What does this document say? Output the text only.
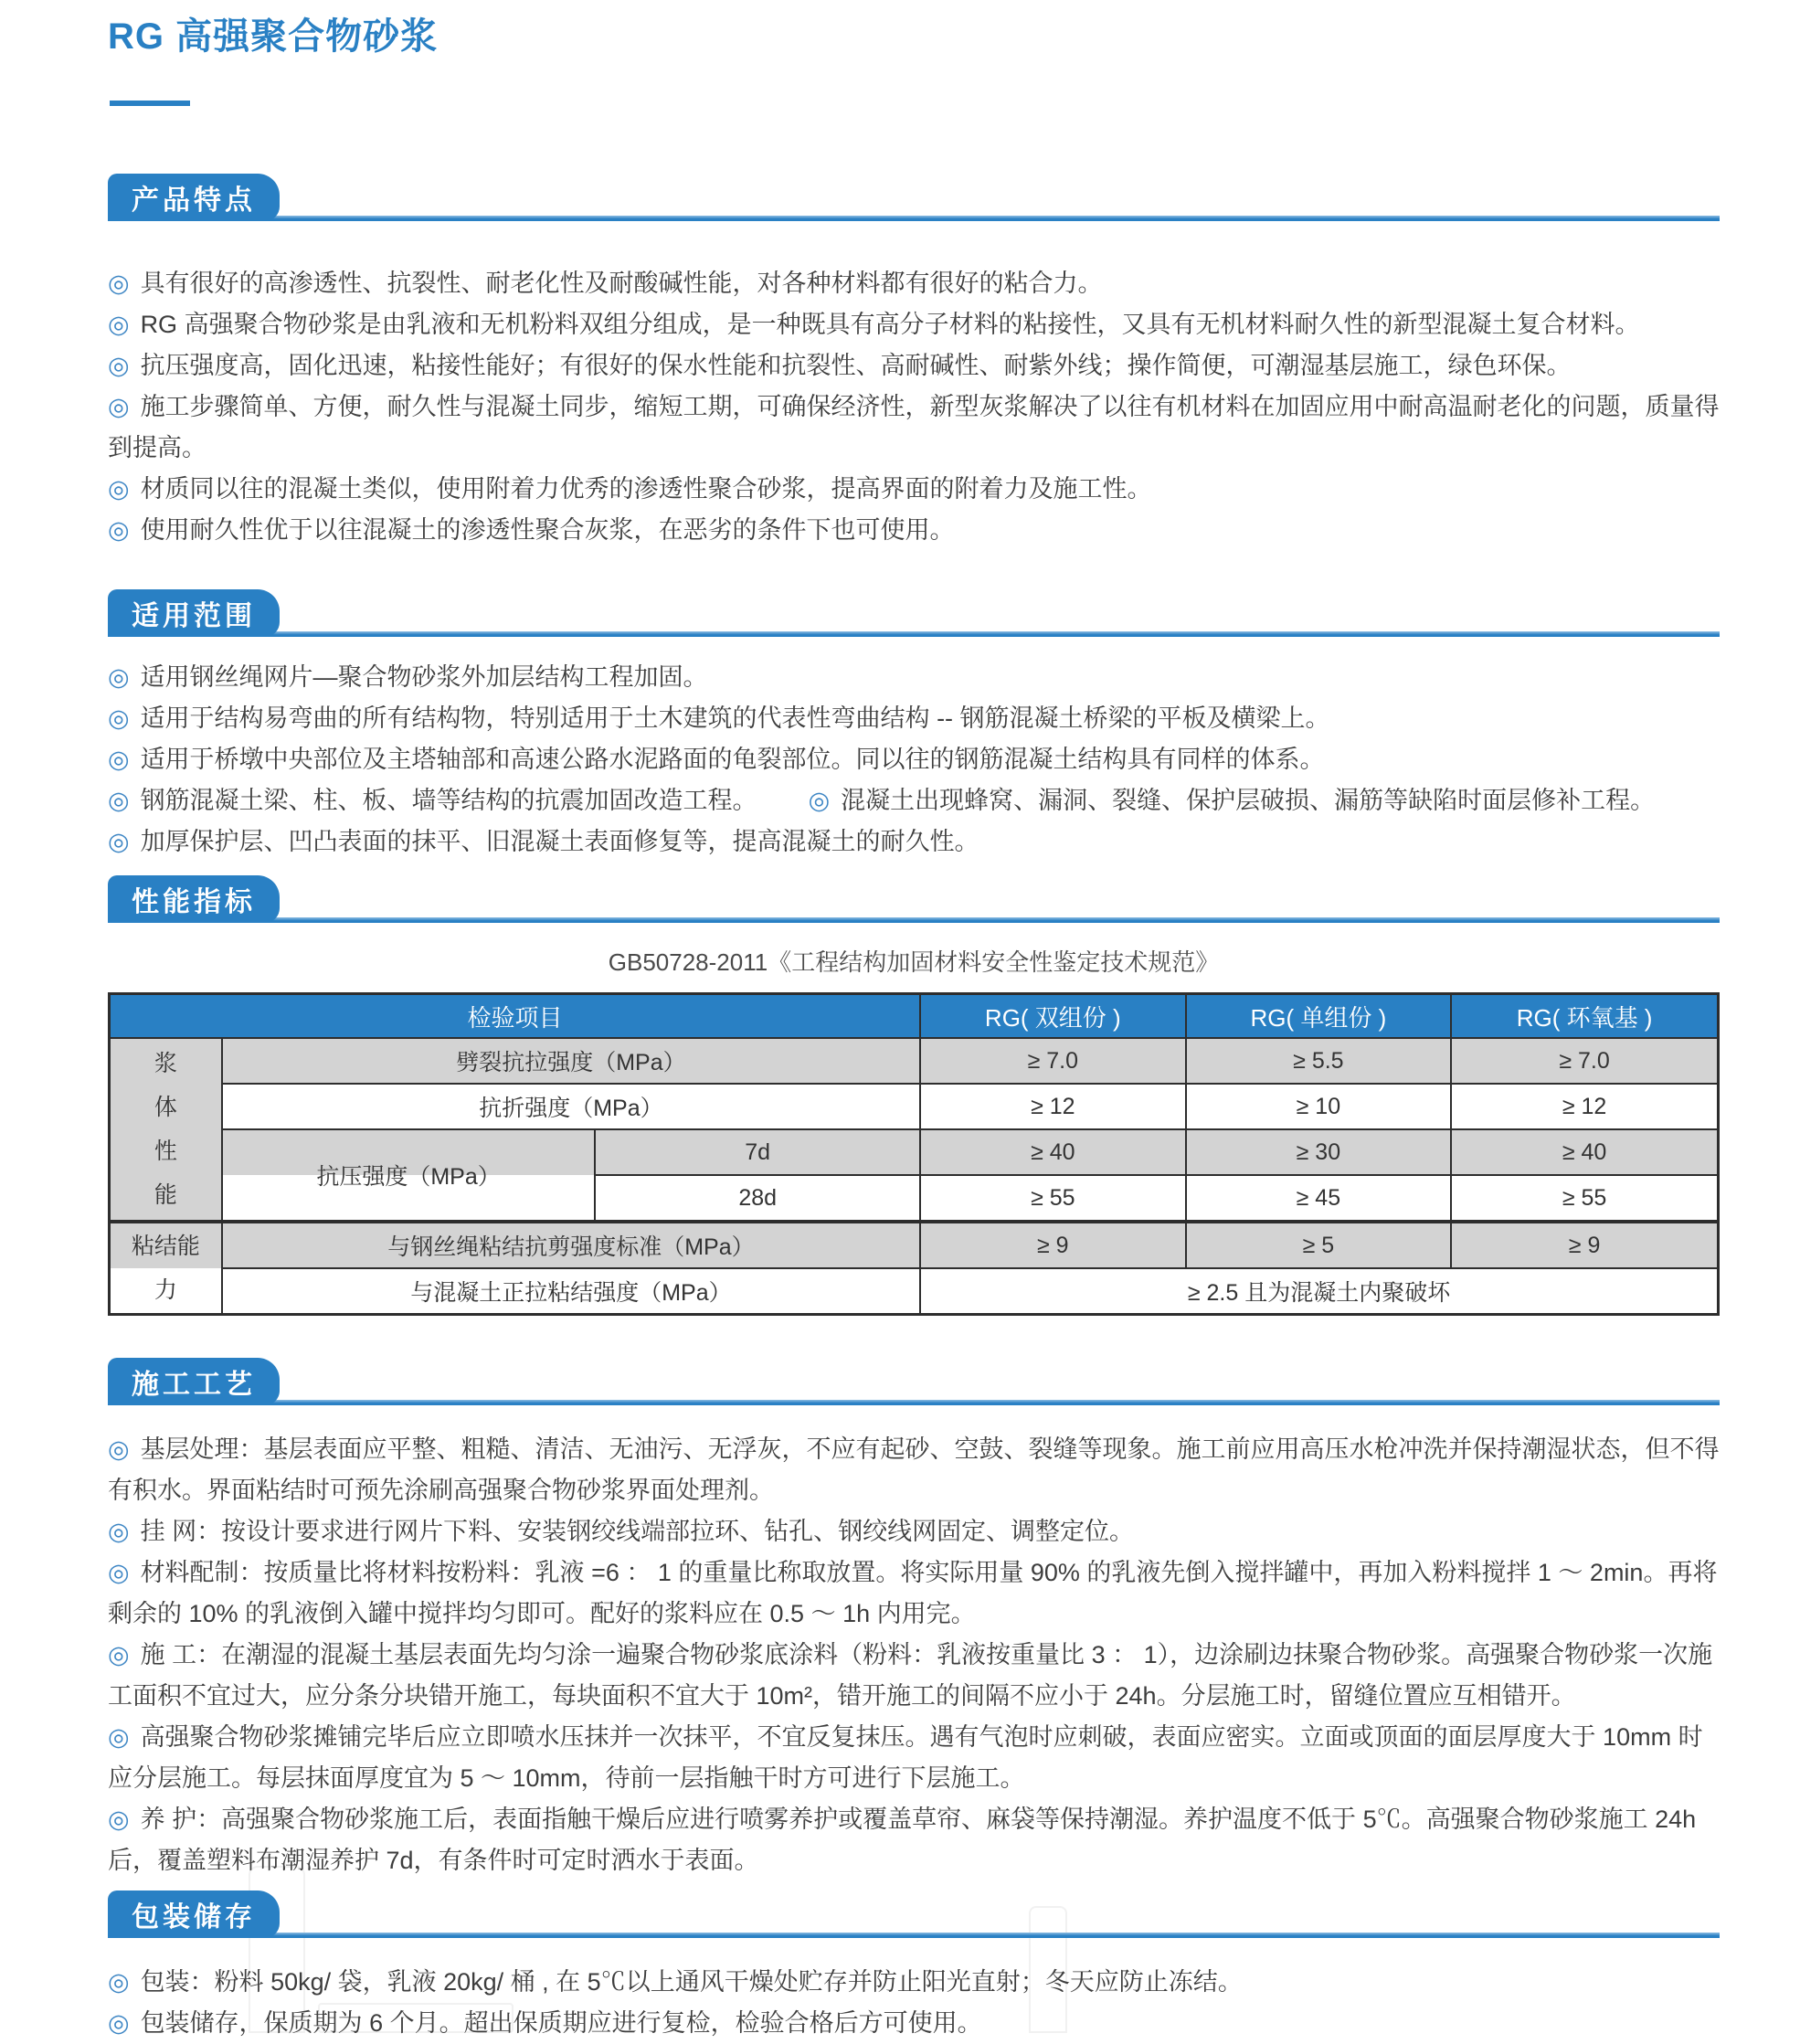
RG 高强聚合物砂浆
产品特点

◎ 具有很好的高渗透性、抗裂性、耐老化性及耐酸碱性能，对各种材料都有很好的粘合力。

◎ RG 高强聚合物砂浆是由乳液和无机粉料双组分组成，是一种既具有高分子材料的粘接性，又具有无机材料耐久性的新型混凝土复合材料。

◎ 抗压强度高，固化迅速，粘接性能好；有很好的保水性能和抗裂性、高耐碱性、耐紫外线；操作简便，可潮湿基层施工，绿色环保。

◎ 施工步骤简单、方便，耐久性与混凝土同步，缩短工期，可确保经济性，新型灰浆解决了以往有机材料在加固应用中耐高温耐老化的问题，质量得到提高。

◎ 材质同以往的混凝土类似，使用附着力优秀的渗透性聚合砂浆，提高界面的附着力及施工性。

◎ 使用耐久性优于以往混凝土的渗透性聚合灰浆，在恶劣的条件下也可使用。

适用范围

◎ 适用钢丝绳网片—聚合物砂浆外加层结构工程加固。

◎ 适用于结构易弯曲的所有结构物，特别适用于土木建筑的代表性弯曲结构 -- 钢筋混凝土桥梁的平板及横梁上。

◎ 适用于桥墩中央部位及主塔轴部和高速公路水泥路面的龟裂部位。同以往的钢筋混凝土结构具有同样的体系。

◎ 钢筋混凝土梁、柱、板、墙等结构的抗震加固改造工程。 ◎ 混凝土出现蜂窝、漏洞、裂缝、保护层破损、漏筋等缺陷时面层修补工程。

◎ 加厚保护层、凹凸表面的抹平、旧混凝土表面修复等，提高混凝土的耐久性。

性能指标
GB50728-2011《工程结构加固材料安全性鉴定技术规范》
检验项目			RG( 双组份 )	RG( 单组份 )	RG( 环氧基 )

浆体性能	劈裂抗拉强度（MPa）		≥ 7.0	≥ 5.5	≥ 7.0
	抗折强度（MPa）		≥ 12	≥ 10	≥ 12
	抗压强度（MPa）	7d	≥ 40	≥ 30	≥ 40
		28d	≥ 55	≥ 45	≥ 55

粘结能力	与钢丝绳粘结抗剪强度标准（MPa）		≥ 9	≥ 5	≥ 9
	与混凝土正拉粘结强度（MPa）		≥ 2.5 且为混凝土内聚破坏		
施工工艺

◎ 基层处理：基层表面应平整、粗糙、清洁、无油污、无浮灰，不应有起砂、空鼓、裂缝等现象。施工前应用高压水枪冲洗并保持潮湿状态，但不得有积水。界面粘结时可预先涂刷高强聚合物砂浆界面处理剂。

◎ 挂 网：按设计要求进行网片下料、安装钢绞线端部拉环、钻孔、钢绞线网固定、调整定位。

◎ 材料配制：按质量比将材料按粉料：乳液 =6 ： 1 的重量比称取放置。将实际用量 90% 的乳液先倒入搅拌罐中，再加入粉料搅拌 1 ～ 2min。再将剩余的 10% 的乳液倒入罐中搅拌均匀即可。配好的浆料应在 0.5 ～ 1h 内用完。

◎ 施 工：在潮湿的混凝土基层表面先均匀涂一遍聚合物砂浆底涂料（粉料：乳液按重量比 3 ： 1），边涂刷边抹聚合物砂浆。高强聚合物砂浆一次施工面积不宜过大，应分条分块错开施工，每块面积不宜大于 10m²，错开施工的间隔不应小于 24h。分层施工时，留缝位置应互相错开。

◎ 高强聚合物砂浆摊铺完毕后应立即喷水压抹并一次抹平，不宜反复抹压。遇有气泡时应刺破，表面应密实。立面或顶面的面层厚度大于 10mm 时应分层施工。每层抹面厚度宜为 5 ～ 10mm，待前一层指触干时方可进行下层施工。

◎ 养 护：高强聚合物砂浆施工后，表面指触干燥后应进行喷雾养护或覆盖草帘、麻袋等保持潮湿。养护温度不低于 5℃。高强聚合物砂浆施工 24h 后，覆盖塑料布潮湿养护 7d，有条件时可定时洒水于表面。

包装储存

◎ 包装：粉料 50kg/ 袋，乳液 20kg/ 桶 , 在 5℃以上通风干燥处贮存并防止阳光直射；冬天应防止冻结。

◎ 包装储存，保质期为 6 个月。超出保质期应进行复检，检验合格后方可使用。
